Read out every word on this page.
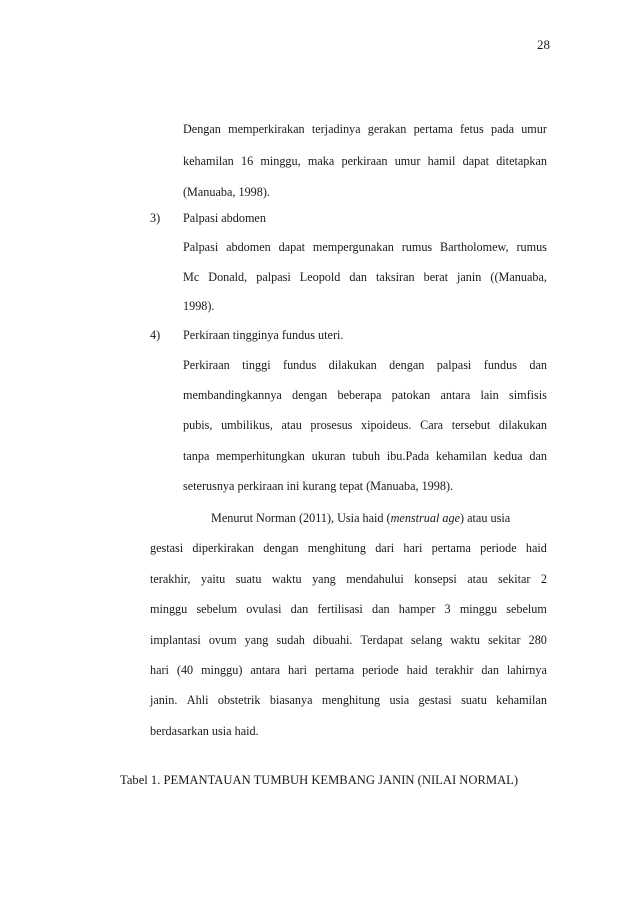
28
Dengan memperkirakan terjadinya gerakan pertama fetus pada umur
kehamilan 16 minggu, maka perkiraan umur hamil dapat ditetapkan
(Manuaba, 1998).
3) Palpasi abdomen
Palpasi abdomen dapat mempergunakan rumus Bartholomew, rumus
Mc Donald, palpasi Leopold dan taksiran berat janin ((Manuaba,
1998).
4) Perkiraan tingginya fundus uteri.
Perkiraan tinggi fundus dilakukan dengan palpasi fundus dan
membandingkannya dengan beberapa patokan antara lain simfisis
pubis, umbilikus, atau prosesus xipoideus. Cara tersebut dilakukan
tanpa memperhitungkan ukuran tubuh ibu.Pada kehamilan kedua dan
seterusnya perkiraan ini kurang tepat (Manuaba, 1998).
Menurut Norman (2011), Usia haid (menstrual age) atau usia
gestasi diperkirakan dengan menghitung dari hari pertama periode haid
terakhir, yaitu suatu waktu yang mendahului konsepsi atau sekitar 2
minggu sebelum ovulasi dan fertilisasi dan hamper 3 minggu sebelum
implantasi ovum yang sudah dibuahi. Terdapat selang waktu sekitar 280
hari (40 minggu) antara hari pertama periode haid terakhir dan lahirnya
janin. Ahli obstetrik biasanya menghitung usia gestasi suatu kehamilan
berdasarkan usia haid.
Tabel 1. PEMANTAUAN TUMBUH KEMBANG JANIN (NILAI NORMAL)
